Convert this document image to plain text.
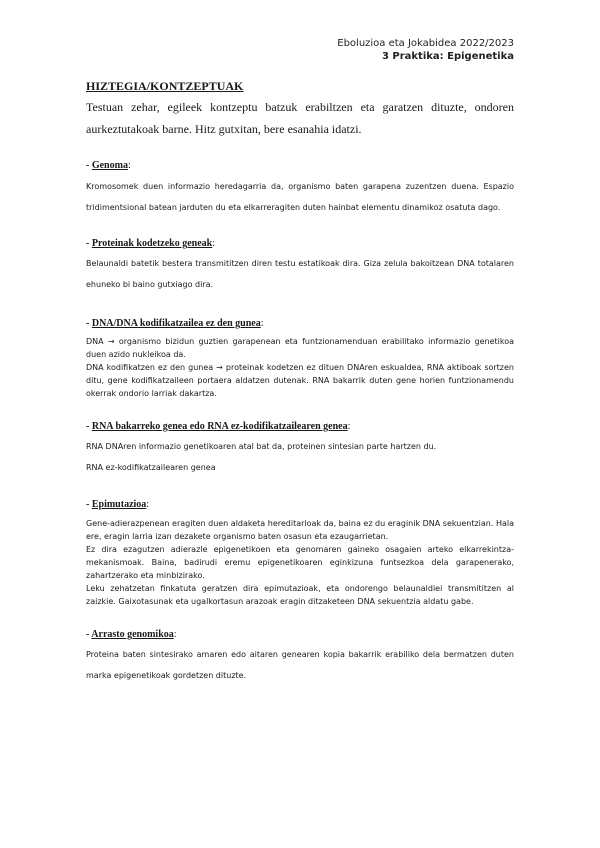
Eboluzioa eta Jokabidea 2022/2023
3 Praktika: Epigenetika
HIZTEGIA/KONTZEPTUAK

Testuan zehar, egileek kontzeptu batzuk erabiltzen eta garatzen dituzte, ondoren aurkeztutakoak barne. Hitz gutxitan, bere esanahia idatzi.

- Genoma:

Kromosomek duen informazio heredagarria da, organismo baten garapena zuzentzen duena. Espazio tridimentsional batean jarduten du eta elkarreragiten duten hainbat elementu dinamikoz osatuta dago.

- Proteinak kodetzeko geneak:

Belaunaldi batetik bestera transmititzen diren testu estatikoak dira. Giza zelula bakoitzean DNA totalaren ehuneko bi baino gutxiago dira.

- DNA/DNA kodifikatzailea ez den gunea:

DNA → organismo bizidun guztien garapenean eta funtzionamenduan erabilitako informazio genetikoa duen azido nukleikoa da.

DNA kodifikatzen ez den gunea → proteinak kodetzen ez dituen DNAren eskualdea, RNA aktiboak sortzen ditu, gene kodifikatzaileen portaera aldatzen dutenak. RNA bakarrik duten gene horien funtzionamendu okerrak ondorio larriak dakartza.

- RNA bakarreko genea edo RNA ez-kodifikatzailearen genea:

RNA DNAren informazio genetikoaren atal bat da, proteinen sintesian parte hartzen du.

RNA ez-kodifikatzailearen genea

- Epimutazioa:

Gene-adierazpenean eragiten duen aldaketa hereditarioak da, baina ez du eraginik DNA sekuentzian. Hala ere, eragin larria izan dezakete organismo baten osasun eta ezaugarrietan.

Ez dira ezagutzen adierazle epigenetikoen eta genomaren gaineko osagaien arteko elkarrekintza-mekanismoak. Baina, badirudi eremu epigenetikoaren eginkizuna funtsezkoa dela garapenerako, zahartzerako eta minbizirako.

Leku zehatzetan finkatuta geratzen dira epimutazioak, eta ondorengo belaunaldiei transmititzen al zaizkie. Gaixotasunak eta ugalkortasun arazoak eragin ditzaketeen DNA sekuentzia aldatu gabe.

- Arrasto genomikoa:

Proteina baten sintesirako amaren edo aitaren genearen kopia bakarrik erabiliko dela bermatzen duten marka epigenetikoak gordetzen dituzte.
